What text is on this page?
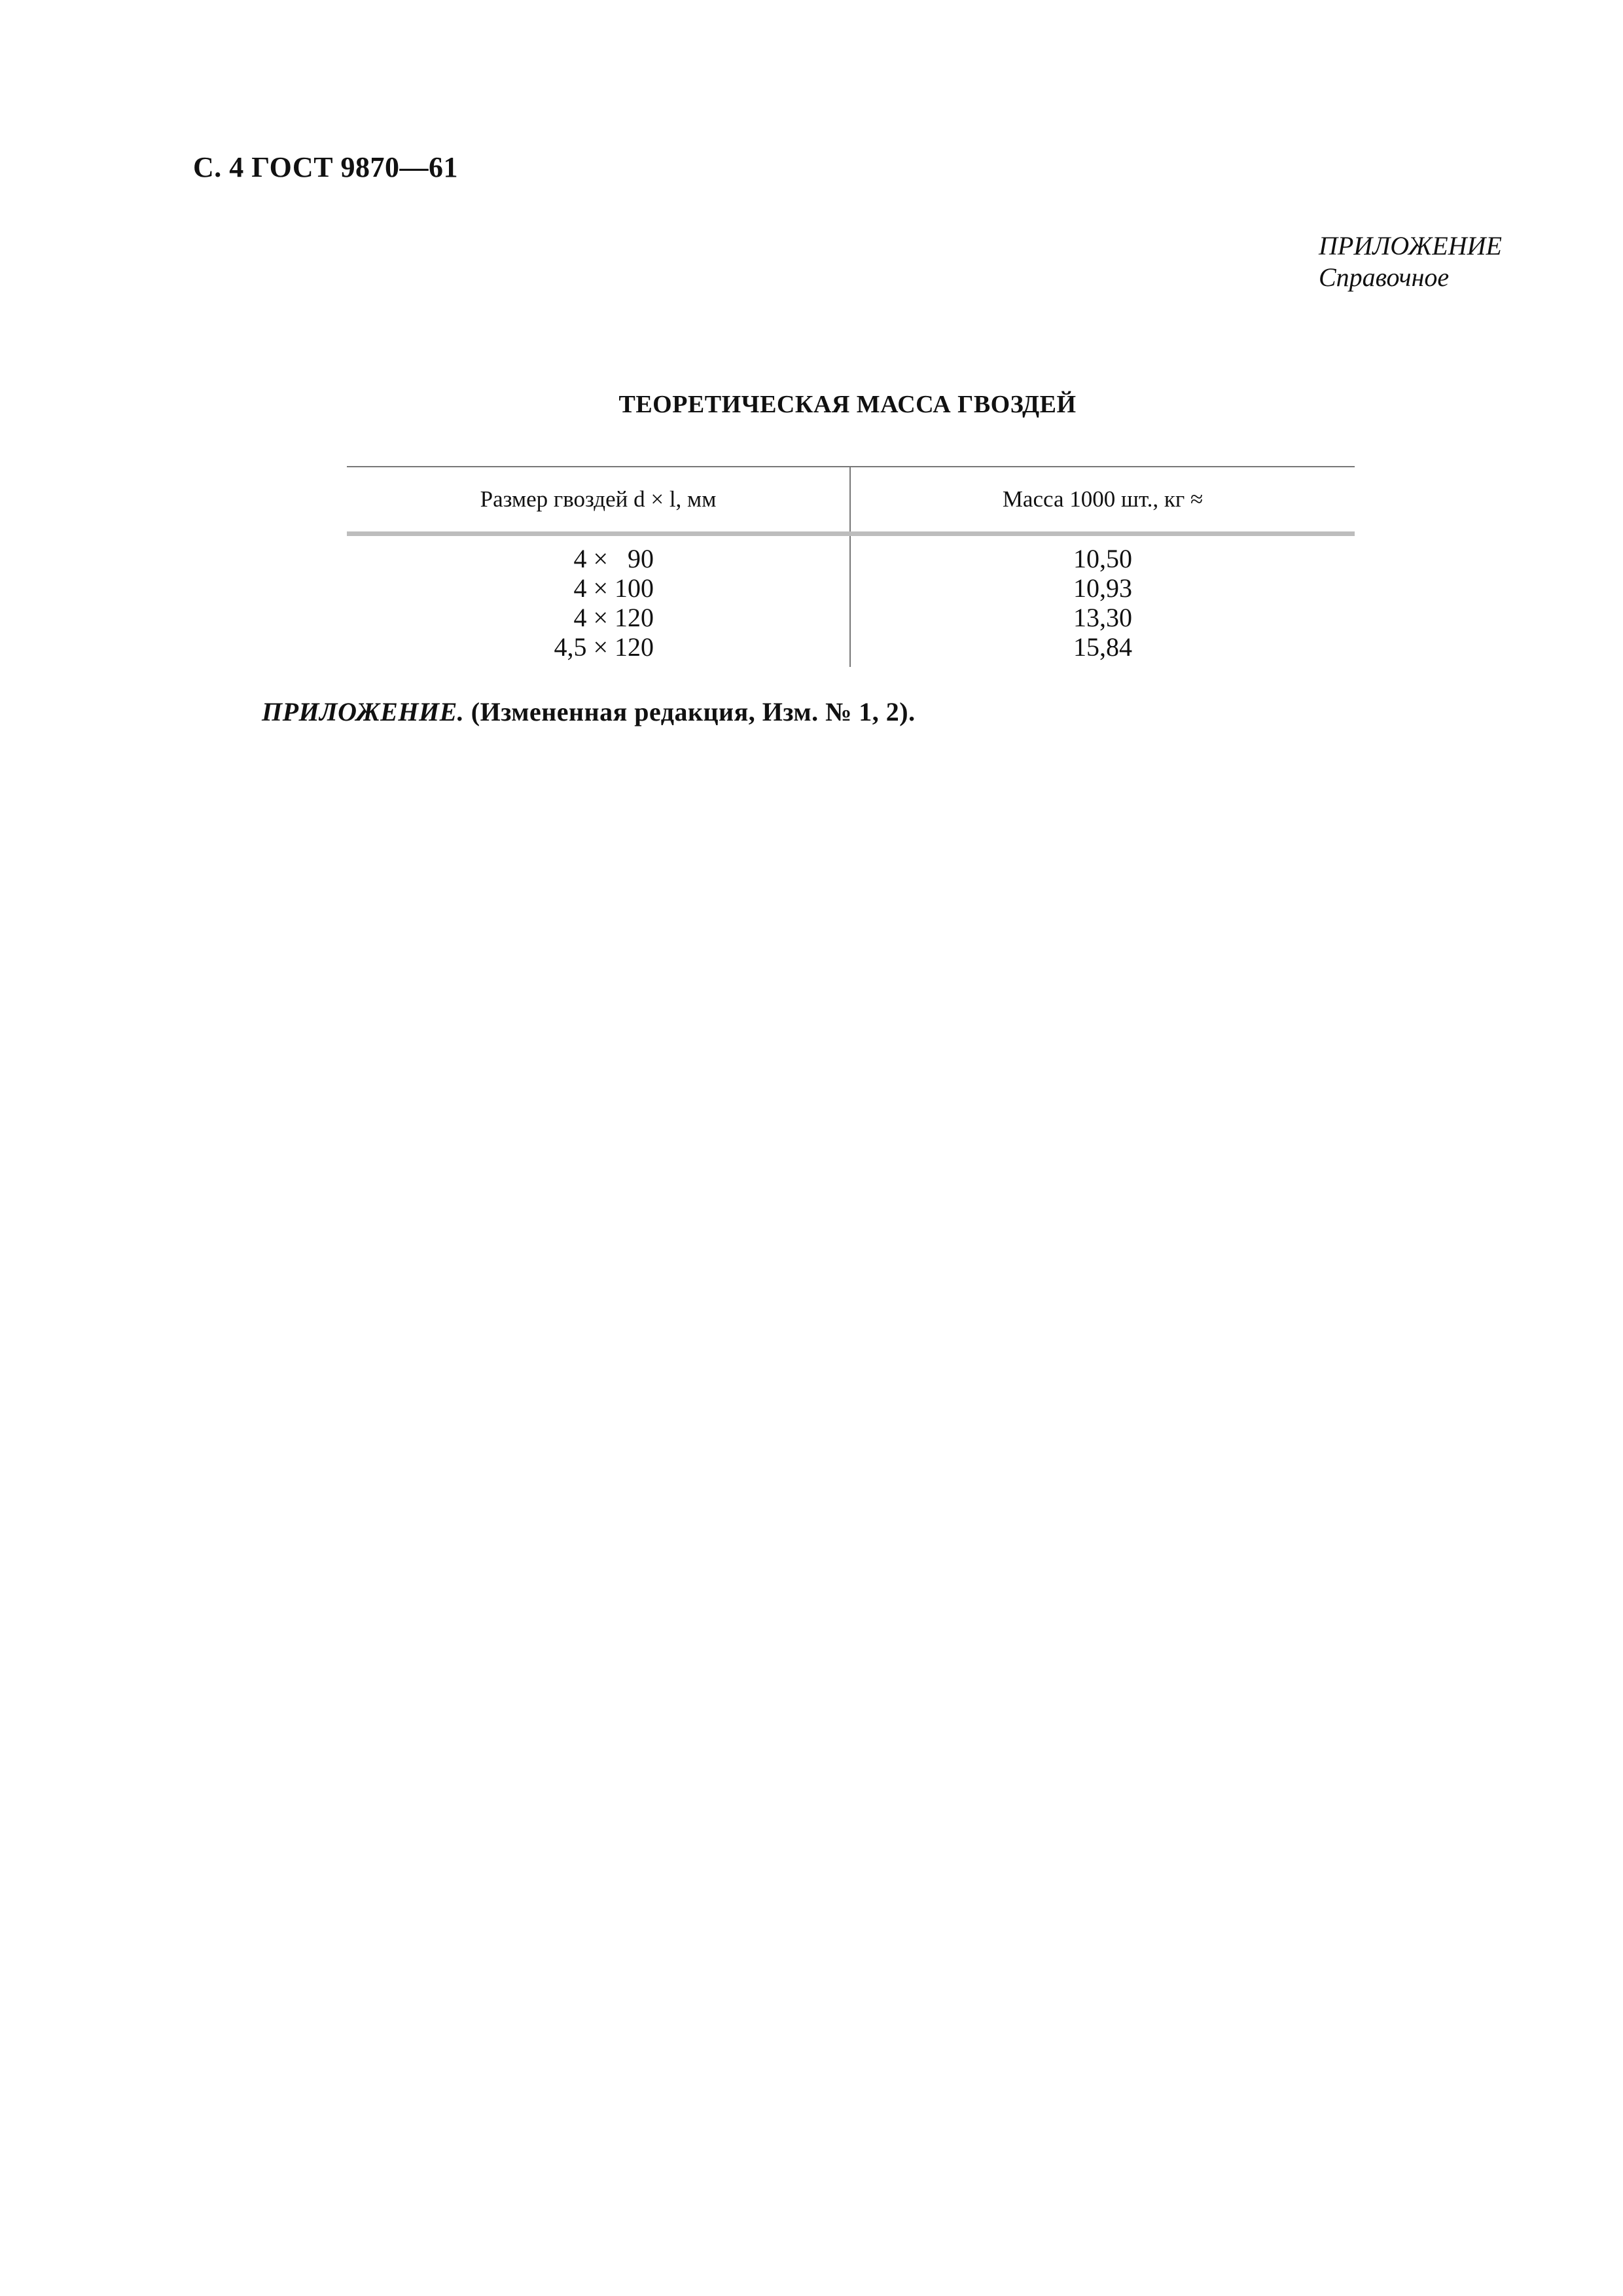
С. 4 ГОСТ 9870—61
ПРИЛОЖЕНИЕ
Справочное
ТЕОРЕТИЧЕСКАЯ МАССА ГВОЗДЕЙ
Размер гвоздей d × l, мм	Масса 1000 шт., кг ≈
4 ×   90	10,50
4 × 100	10,93
4 × 120	13,30
4,5 × 120	15,84
ПРИЛОЖЕНИЕ. (Измененная редакция, Изм. № 1, 2).
